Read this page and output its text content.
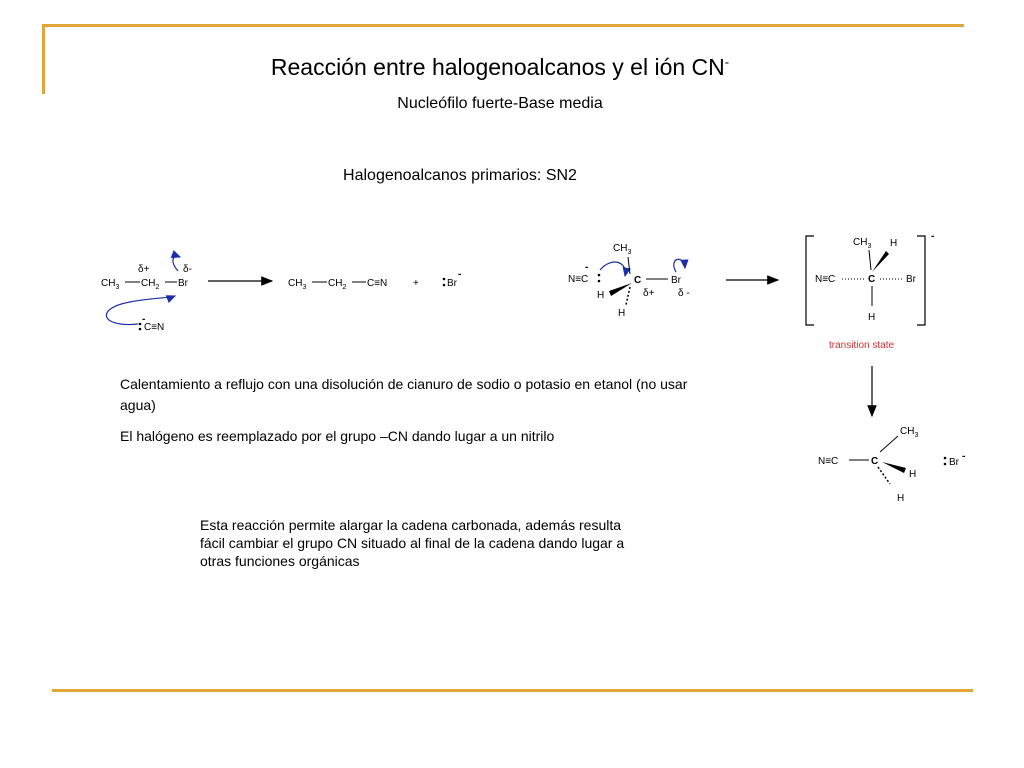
Reacción entre halogenoalcanos y el ión CN-
Nucleófilo fuerte-Base media
Halogenoalcanos primarios: SN2
δ+	δ-
$CH_3$ $CH_2$ Br
-
C≡N
$CH_3$ $CH_2$ C≡N	+	Br
-
-
N≡C
$CH_3$
C	Br
H
H
δ+ δ -
-
$CH_3$ H
N≡C	C	Br
H
transition state
$CH_3$
N≡C	C
H
H
Br
-
Calentamiento a reflujo con una disolución de cianuro de sodio o potasio en etanol (no usar agua)
El halógeno es reemplazado por el grupo –CN dando lugar a un nitrilo
Esta reacción permite alargar la cadena carbonada, además resulta fácil cambiar el grupo CN situado al final de la cadena dando lugar a otras funciones orgánicas
